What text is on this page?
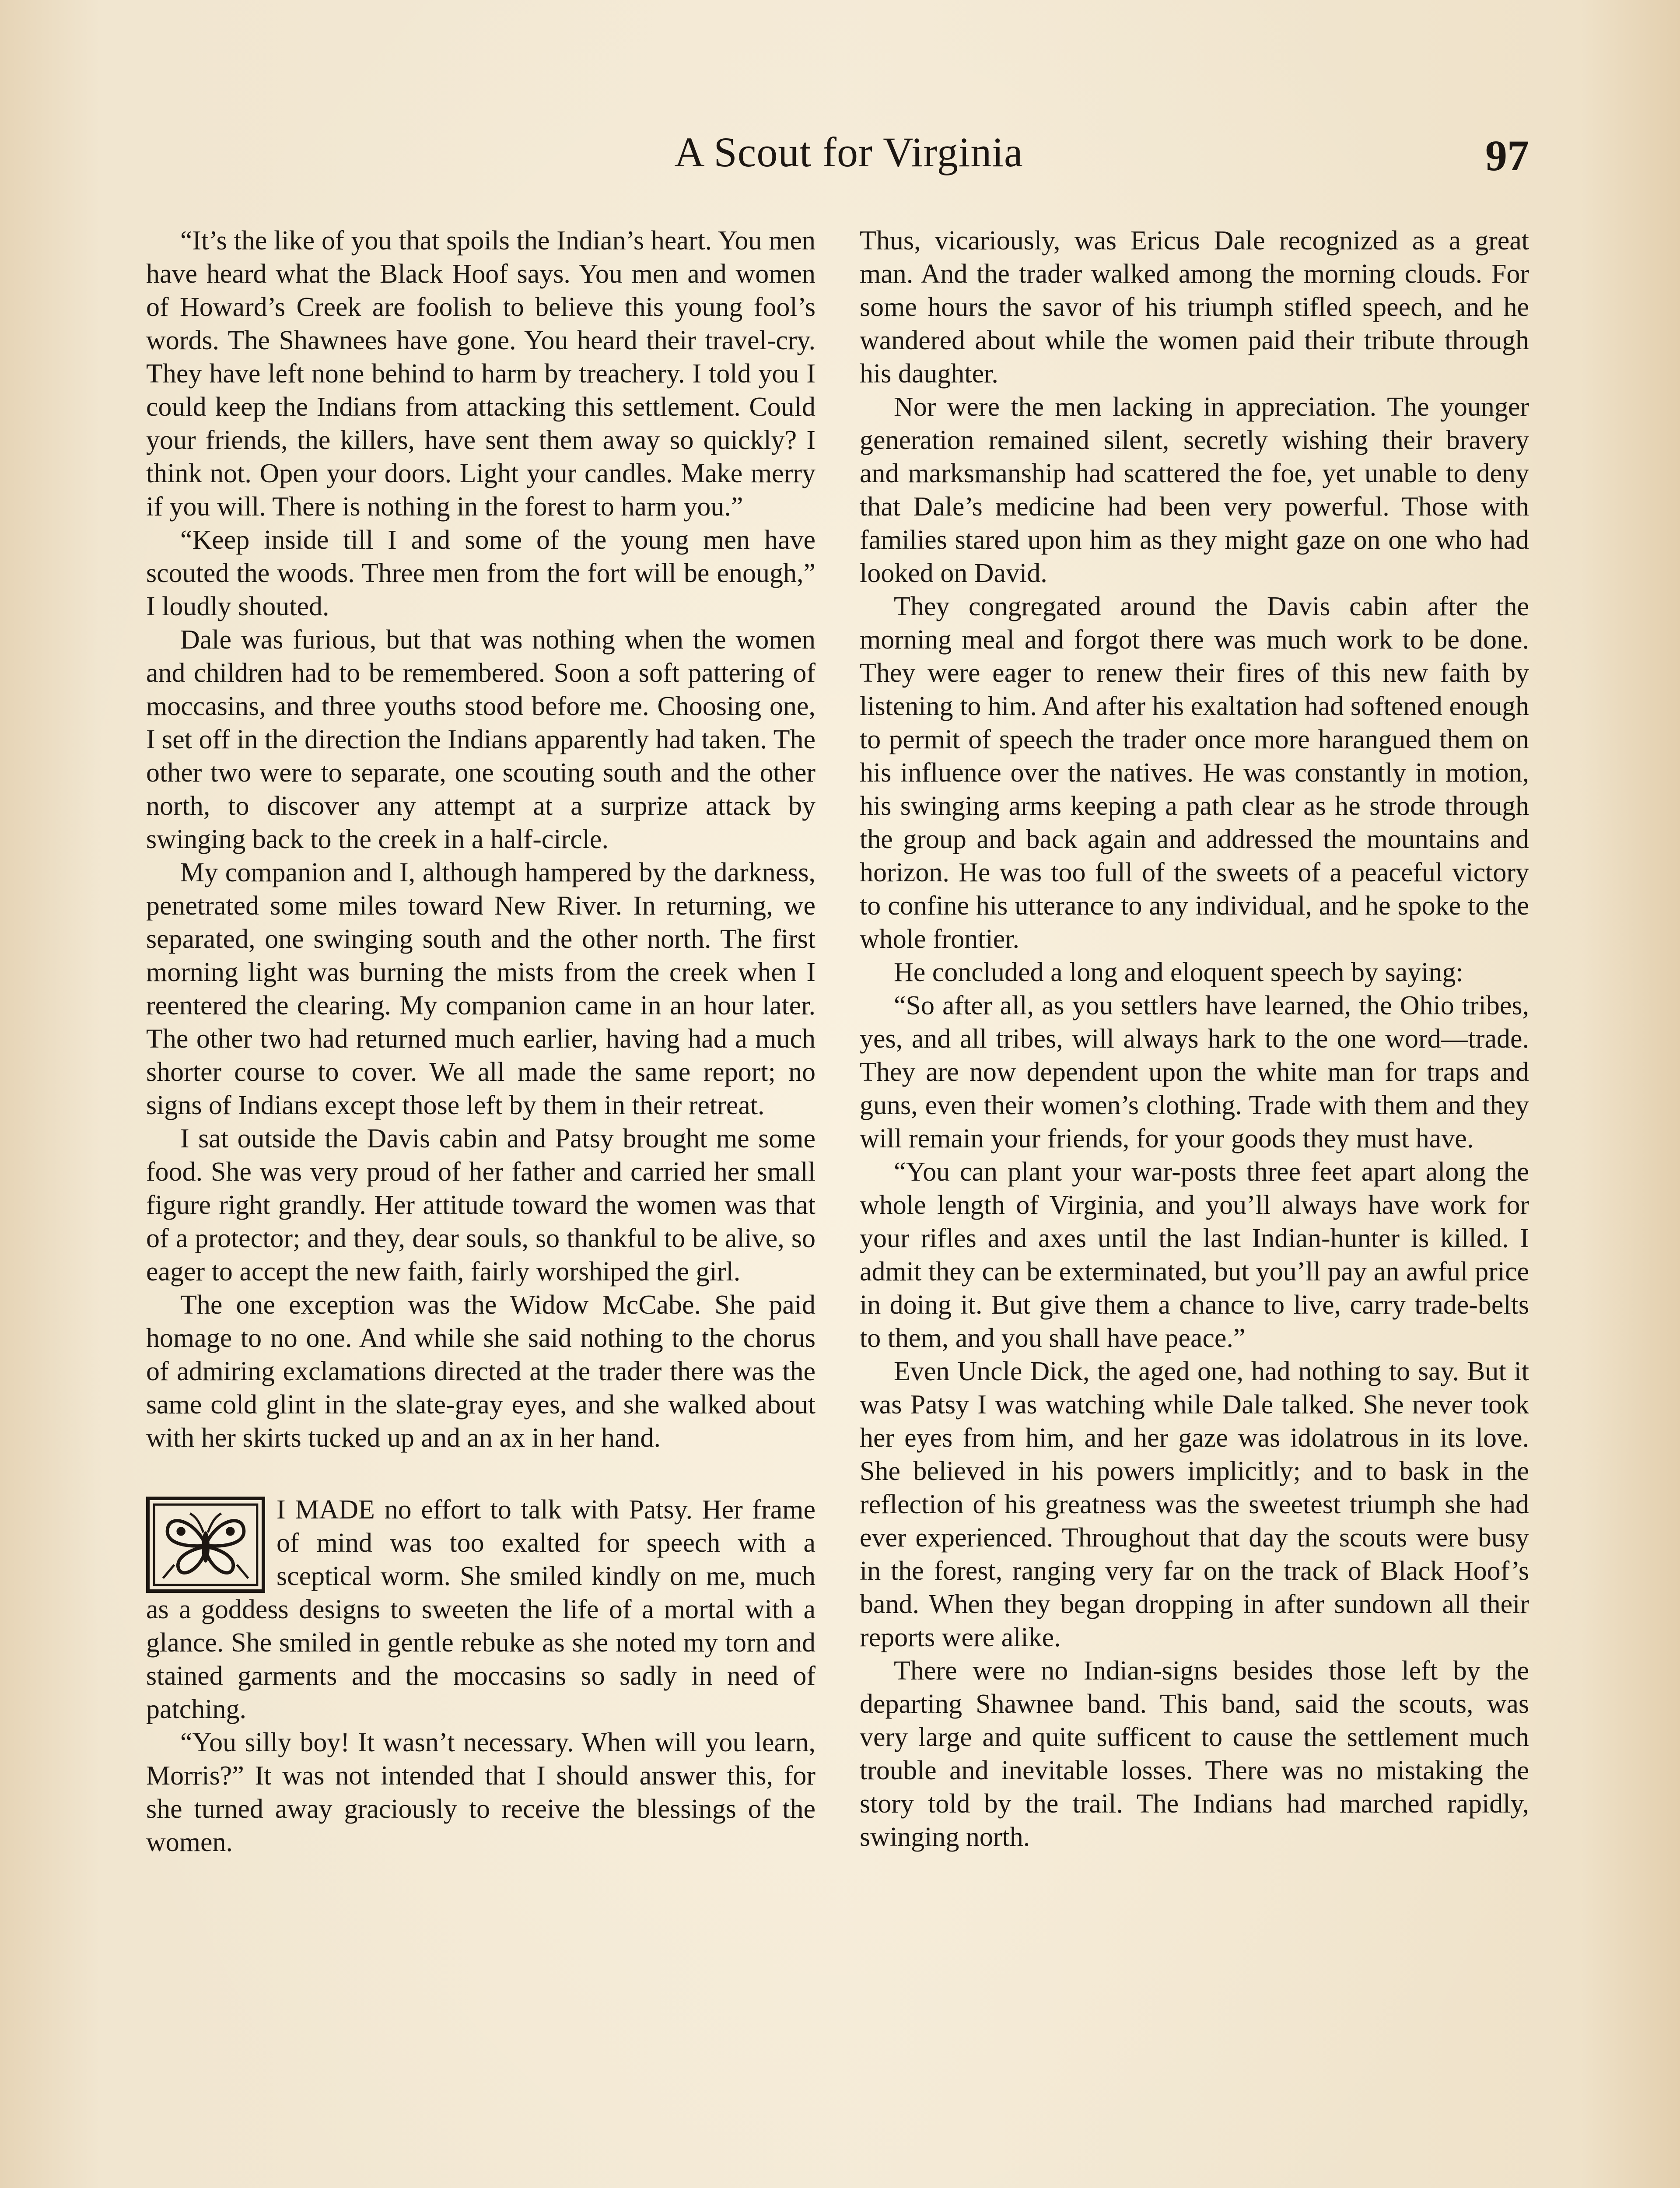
A Scout for Virginia	97

“It’s the like of you that spoils the Indian’s heart. You men have heard what the Black Hoof says. You men and women of Howard’s Creek are foolish to believe this young fool’s words. The Shawnees have gone. You heard their travel-cry. They have left none behind to harm by treachery. I told you I could keep the Indians from attacking this settlement. Could your friends, the killers, have sent them away so quickly? I think not. Open your doors. Light your candles. Make merry if you will. There is nothing in the forest to harm you.”

“Keep inside till I and some of the young men have scouted the woods. Three men from the fort will be enough,” I loudly shouted.

Dale was furious, but that was nothing when the women and children had to be remembered. Soon a soft pattering of moccasins, and three youths stood before me. Choosing one, I set off in the direction the Indians apparently had taken. The other two were to separate, one scouting south and the other north, to discover any attempt at a surprize attack by swinging back to the creek in a half-circle.

My companion and I, although hampered by the darkness, penetrated some miles toward New River. In returning, we separated, one swinging south and the other north. The first morning light was burning the mists from the creek when I reentered the clearing. My companion came in an hour later. The other two had returned much earlier, having had a much shorter course to cover. We all made the same report; no signs of Indians except those left by them in their retreat.

I sat outside the Davis cabin and Patsy brought me some food. She was very proud of her father and carried her small figure right grandly. Her attitude toward the women was that of a protector; and they, dear souls, so thankful to be alive, so eager to accept the new faith, fairly worshiped the girl.

The one exception was the Widow McCabe. She paid homage to no one. And while she said nothing to the chorus of admiring exclamations directed at the trader there was the same cold glint in the slate-gray eyes, and she walked about with her skirts tucked up and an ax in her hand.

I MADE no effort to talk with Patsy. Her frame of mind was too exalted for speech with a sceptical worm. She smiled kindly on me, much as a goddess designs to sweeten the life of a mortal with a glance. She smiled in gentle rebuke as she noted my torn and stained garments and the moccasins so sadly in need of patching.

“You silly boy! It wasn’t necessary. When will you learn, Morris?” It was not intended that I should answer this, for she turned away graciously to receive the blessings of the women.

Thus, vicariously, was Ericus Dale recognized as a great man. And the trader walked among the morning clouds. For some hours the savor of his triumph stifled speech, and he wandered about while the women paid their tribute through his daughter.

Nor were the men lacking in appreciation. The younger generation remained silent, secretly wishing their bravery and marksmanship had scattered the foe, yet unable to deny that Dale’s medicine had been very powerful. Those with families stared upon him as they might gaze on one who had looked on David.

They congregated around the Davis cabin after the morning meal and forgot there was much work to be done. They were eager to renew their fires of this new faith by listening to him. And after his exaltation had softened enough to permit of speech the trader once more harangued them on his influence over the natives. He was constantly in motion, his swinging arms keeping a path clear as he strode through the group and back again and addressed the mountains and horizon. He was too full of the sweets of a peaceful victory to confine his utterance to any individual, and he spoke to the whole frontier.

He concluded a long and eloquent speech by saying:

“So after all, as you settlers have learned, the Ohio tribes, yes, and all tribes, will always hark to the one word—trade. They are now dependent upon the white man for traps and guns, even their women’s clothing. Trade with them and they will remain your friends, for your goods they must have.

“You can plant your war-posts three feet apart along the whole length of Virginia, and you’ll always have work for your rifles and axes until the last Indian-hunter is killed. I admit they can be exterminated, but you’ll pay an awful price in doing it. But give them a chance to live, carry trade-belts to them, and you shall have peace.”

Even Uncle Dick, the aged one, had nothing to say. But it was Patsy I was watching while Dale talked. She never took her eyes from him, and her gaze was idolatrous in its love. She believed in his powers implicitly; and to bask in the reflection of his greatness was the sweetest triumph she had ever experienced. Throughout that day the scouts were busy in the forest, ranging very far on the track of Black Hoof’s band. When they began dropping in after sundown all their reports were alike.

There were no Indian-signs besides those left by the departing Shawnee band. This band, said the scouts, was very large and quite sufficent to cause the settlement much trouble and inevitable losses. There was no mistaking the story told by the trail. The Indians had marched rapidly, swinging north.
